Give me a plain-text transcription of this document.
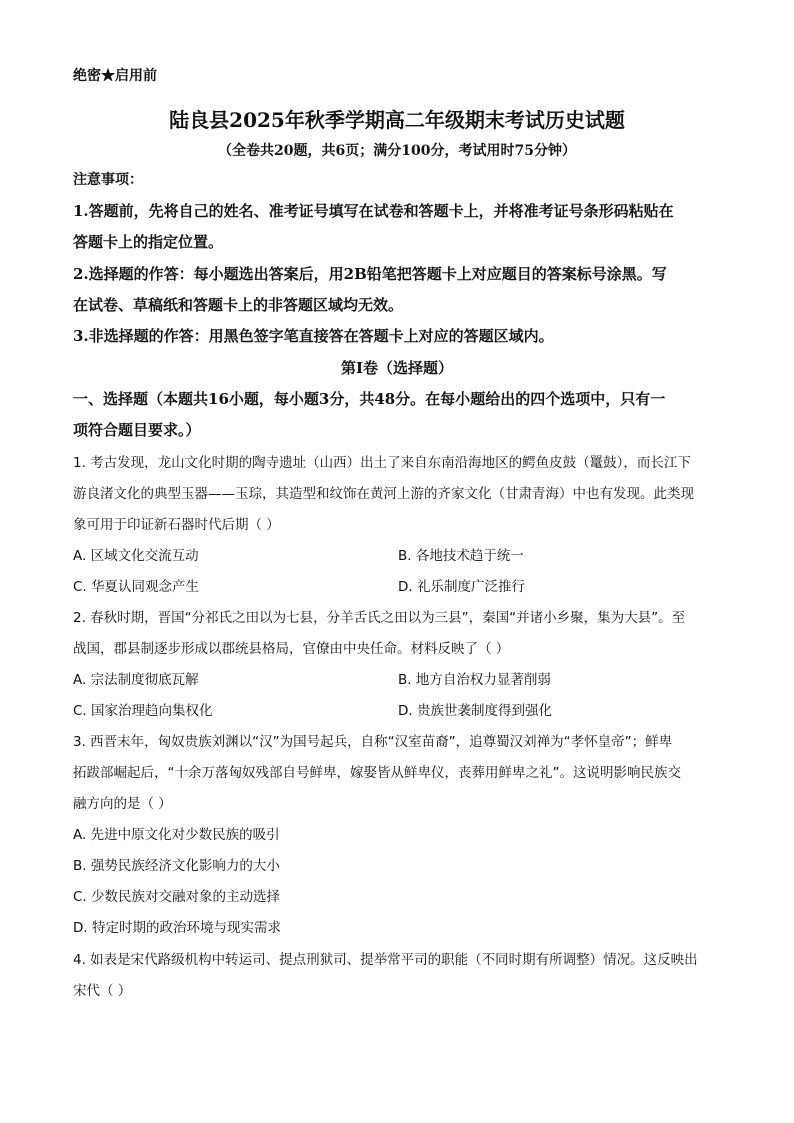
绝密★启用前
陆良县2025年秋季学期高二年级期末考试历史试题
（全卷共20题，共6页；满分100分，考试用时75分钟）
注意事项：
1.答题前，先将自己的姓名、准考证号填写在试卷和答题卡上，并将准考证号条形码粘贴在
答题卡上的指定位置。
2.选择题的作答：每小题选出答案后，用2B铅笔把答题卡上对应题目的答案标号涂黑。写
在试卷、草稿纸和答题卡上的非答题区域均无效。
3.非选择题的作答：用黑色签字笔直接答在答题卡上对应的答题区域内。
第Ⅰ卷（选择题）
一、选择题（本题共16小题，每小题3分，共48分。在每小题给出的四个选项中，只有一
项符合题目要求。）
1. 考古发现，龙山文化时期的陶寺遗址（山西）出土了来自东南沿海地区的鳄鱼皮鼓（鼍鼓），而长江下
游良渚文化的典型玉器——玉琮，其造型和纹饰在黄河上游的齐家文化（甘肃青海）中也有发现。此类现
象可用于印证新石器时代后期（ ）
A. 区域文化交流互动	B. 各地技术趋于统一
C. 华夏认同观念产生	D. 礼乐制度广泛推行
2. 春秋时期，晋国“分祁氏之田以为七县，分羊舌氏之田以为三县”，秦国“并诸小乡聚，集为大县”。至
战国，郡县制逐步形成以郡统县格局，官僚由中央任命。材料反映了（ ）
A. 宗法制度彻底瓦解	B. 地方自治权力显著削弱
C. 国家治理趋向集权化	D. 贵族世袭制度得到强化
3. 西晋末年，匈奴贵族刘渊以“汉”为国号起兵，自称“汉室苗裔”，追尊蜀汉刘禅为“孝怀皇帝”；鲜卑
拓跋部崛起后，“十余万落匈奴残部自号鲜卑，嫁娶皆从鲜卑仪，丧葬用鲜卑之礼”。这说明影响民族交
融方向的是（ ）
A. 先进中原文化对少数民族的吸引
B. 强势民族经济文化影响力的大小
C. 少数民族对交融对象的主动选择
D. 特定时期的政治环境与现实需求
4. 如表是宋代路级机构中转运司、提点刑狱司、提举常平司的职能（不同时期有所调整）情况。这反映出
宋代（ ）
